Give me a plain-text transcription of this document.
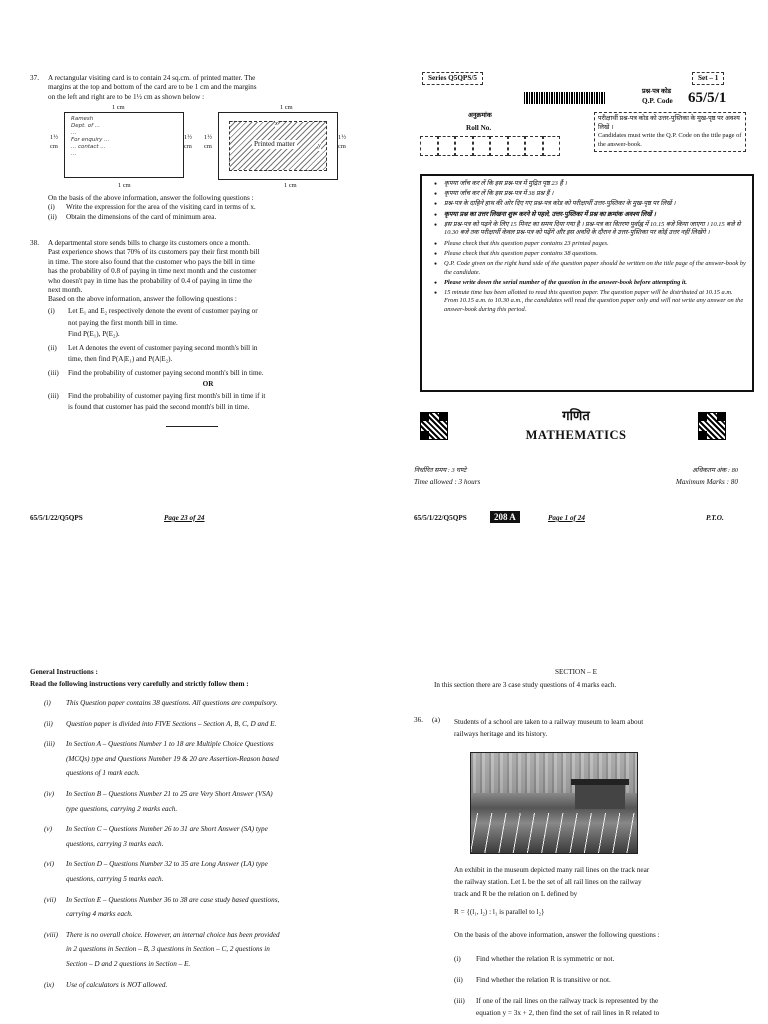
37. A rectangular visiting card is to contain 24 sq.cm. of printed matter. The
margins at the top and bottom of the card are to be 1 cm and the margins
on the left and right are to be 1½ cm as shown below :
1 cm
Ramesh
Dept. of ...
...
For enquiry ...
... contact ...
...
1½ cm
1½ cm
1 cm
Printed matter
x
y
1½ cm
1½ cm
1 cm
1 cm
On the basis of the above information, answer the following questions :
(i)	Write the expression for the area of the visiting card in terms of x.
(ii)	Obtain the dimensions of the card of minimum area.
38. A departmental store sends bills to charge its customers once a month.
Past experience shows that 70% of its customers pay their first month bill
in time. The store also found that the customer who pays the bill in time
has the probability of 0.8 of paying in time next month and the customer
who doesn't pay in time has the probability of 0.4 of paying in time the
next month.
Based on the above information, answer the following questions :
(i)	Let E₁ and E₂ respectively denote the event of customer paying or
not paying the first month bill in time.
Find P(E₁), P(E₂).
(ii)	Let A denotes the event of customer paying second month's bill in
time, then find P(A|E₁) and P(A|E₂).
(iii)	Find the probability of customer paying second month's bill in time.
OR
(iii)	Find the probability of customer paying first month's bill in time if it
is found that customer has paid the second month's bill in time.
65/5/1/22/Q5QPS	Page 23 of 24
Series Q5QPS/5	Set – 1
प्रश्न-पत्र कोड
Q.P. Code 65/5/1
अनुक्रमांक
Roll No.
परीक्षार्थी प्रश्न-पत्र कोड को उत्तर-पुस्तिका के मुख-पृष्ठ पर अवश्य लिखें ।
Candidates must write the Q.P. Code on the title page of the answer-book.
● कृपया जाँच कर लें कि इस प्रश्न-पत्र में मुद्रित पृष्ठ 23 हैं ।
● कृपया जाँच कर लें कि इस प्रश्न-पत्र में 38 प्रश्न हैं ।
● प्रश्न-पत्र के दाहिने हाथ की ओर दिए गए प्रश्न-पत्र कोड को परीक्षार्थी उत्तर-पुस्तिका के मुख-पृष्ठ पर लिखें ।
● कृपया प्रश्न का उत्तर लिखना शुरू करने से पहले, उत्तर-पुस्तिका में प्रश्न का क्रमांक अवश्य लिखें ।
● इस प्रश्न-पत्र को पढ़ने के लिए 15 मिनट का समय दिया गया है । प्रश्न-पत्र का वितरण पूर्वाह्न में 10.15 बजे किया जाएगा । 10.15 बजे से 10.30 बजे तक परीक्षार्थी केवल प्रश्न-पत्र को पढ़ेंगे और इस अवधि के दौरान वे उत्तर-पुस्तिका पर कोई उत्तर नहीं लिखेंगे ।
● Please check that this question paper contains 23 printed pages.
● Please check that this question paper contains 38 questions.
● Q.P. Code given on the right hand side of the question paper should be written on the title page of the answer-book by the candidate.
● Please write down the serial number of the question in the answer-book before attempting it.
● 15 minute time has been allotted to read this question paper. The question paper will be distributed at 10.15 a.m. From 10.15 a.m. to 10.30 a.m., the candidates will read the question paper only and will not write any answer on the answer-book during this period.
गणित
MATHEMATICS
निर्धारित समय : 3 घण्टे
Time allowed : 3 hours
अधिकतम अंक : 80
Maximum Marks : 80
65/5/1/22/Q5QPS	208 A	Page 1 of 24	P.T.O.
General Instructions :
Read the following instructions very carefully and strictly follow them :
(i)	This Question paper contains 38 questions. All questions are compulsory.
(ii)	Question paper is divided into FIVE Sections – Section A, B, C, D and E.
(iii)	In Section A – Questions Number 1 to 18 are Multiple Choice Questions
(MCQs) type and Questions Number 19 & 20 are Assertion-Reason based
questions of 1 mark each.
(iv)	In Section B – Questions Number 21 to 25 are Very Short Answer (VSA)
type questions, carrying 2 marks each.
(v)	In Section C – Questions Number 26 to 31 are Short Answer (SA) type
questions, carrying 3 marks each.
(vi)	In Section D – Questions Number 32 to 35 are Long Answer (LA) type
questions, carrying 5 marks each.
(vii)	In Section E – Questions Number 36 to 38 are case study based questions,
carrying 4 marks each.
(viii)	There is no overall choice. However, an internal choice has been provided
in 2 questions in Section – B, 3 questions in Section – C, 2 questions in
Section – D and 2 questions in Section – E.
(ix)	Use of calculators is NOT allowed.
SECTION – E
In this section there are 3 case study questions of 4 marks each.
36. (a) Students of a school are taken to a railway museum to learn about
railways heritage and its history.
An exhibit in the museum depicted many rail lines on the track near
the railway station. Let L be the set of all rail lines on the railway
track and R be the relation on L defined by
R = {(l₁, l₂) : l₁ is parallel to l₂}
On the basis of the above information, answer the following questions :
(i)	Find whether the relation R is symmetric or not.
(ii)	Find whether the relation R is transitive or not.
(iii)	If one of the rail lines on the railway track is represented by the
equation y = 3x + 2, then find the set of rail lines in R related to
